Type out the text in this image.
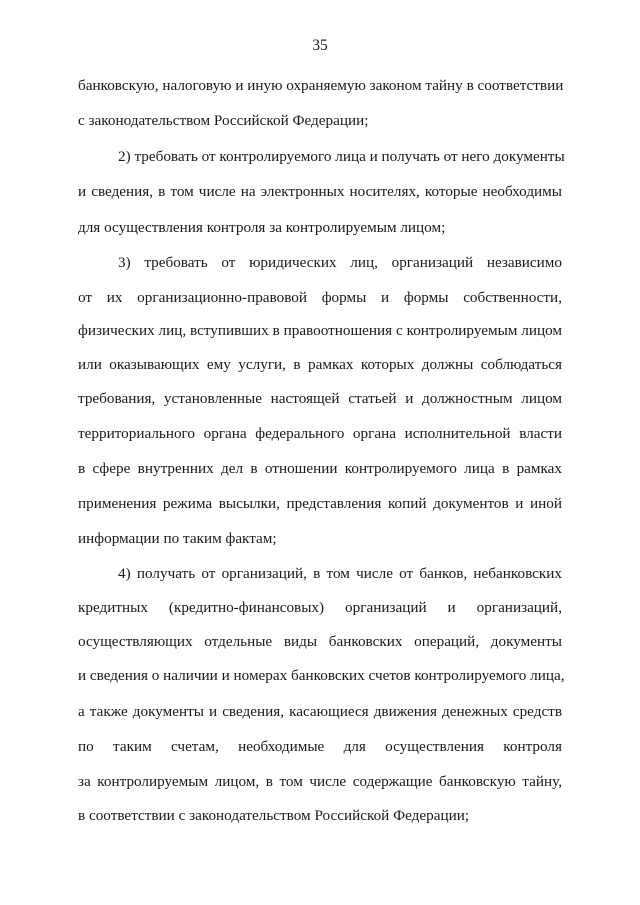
35
банковскую, налоговую и иную охраняемую законом тайну в соответствии
с законодательством Российской Федерации;
2) требовать от контролируемого лица и получать от него документы
и сведения, в том числе на электронных носителях, которые необходимы
для осуществления контроля за контролируемым лицом;
3) требовать от юридических лиц, организаций независимо
от их организационно-правовой формы и формы собственности,
физических лиц, вступивших в правоотношения с контролируемым лицом
или оказывающих ему услуги, в рамках которых должны соблюдаться
требования, установленные настоящей статьей и должностным лицом
территориального органа федерального органа исполнительной власти
в сфере внутренних дел в отношении контролируемого лица в рамках
применения режима высылки, представления копий документов и иной
информации по таким фактам;
4) получать от организаций, в том числе от банков, небанковских
кредитных (кредитно-финансовых) организаций и организаций,
осуществляющих отдельные виды банковских операций, документы
и сведения о наличии и номерах банковских счетов контролируемого лица,
а также документы и сведения, касающиеся движения денежных средств
по таким счетам, необходимые для осуществления контроля
за контролируемым лицом, в том числе содержащие банковскую тайну,
в соответствии с законодательством Российской Федерации;
